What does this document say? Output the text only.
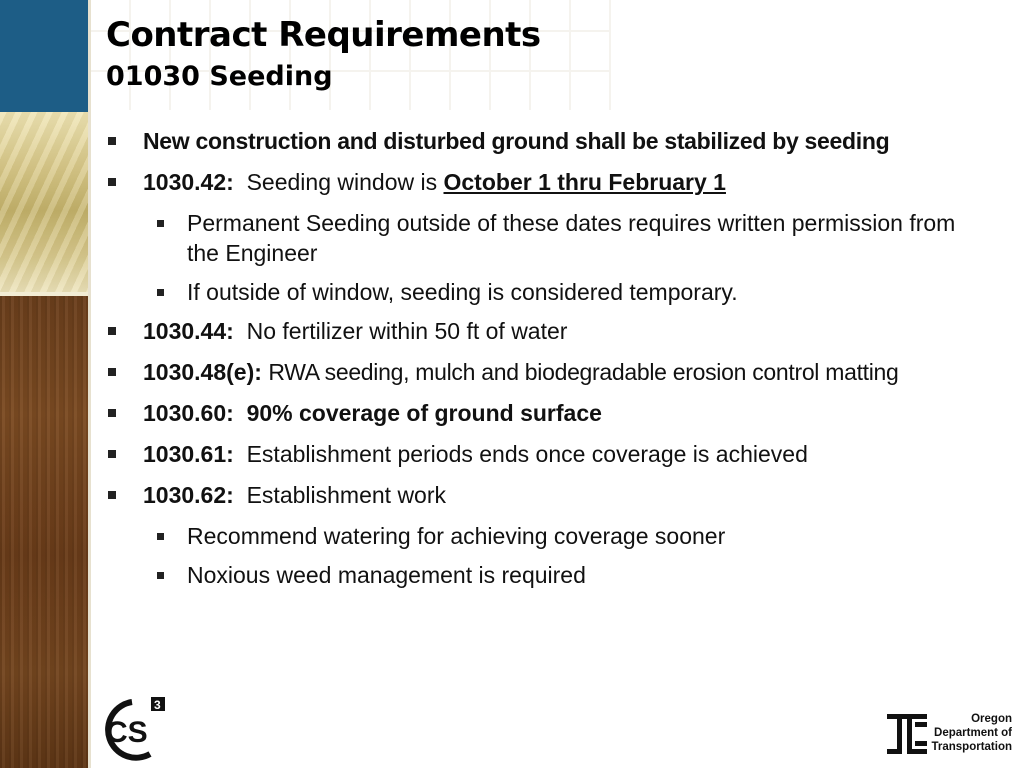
Contract Requirements
01030 Seeding
New construction and disturbed ground shall be stabilized by seeding
1030.42: Seeding window is October 1 thru February 1
Permanent Seeding outside of these dates requires written permission from the Engineer
If outside of window, seeding is considered temporary.
1030.44: No fertilizer within 50 ft of water
1030.48(e): RWA seeding, mulch and biodegradable erosion control matting
1030.60:  90% coverage of ground surface
1030.61: Establishment periods ends once coverage is achieved
1030.62: Establishment work
Recommend watering for achieving coverage sooner
Noxious weed management is required
CS
3
Oregon
Department of
Transportation
